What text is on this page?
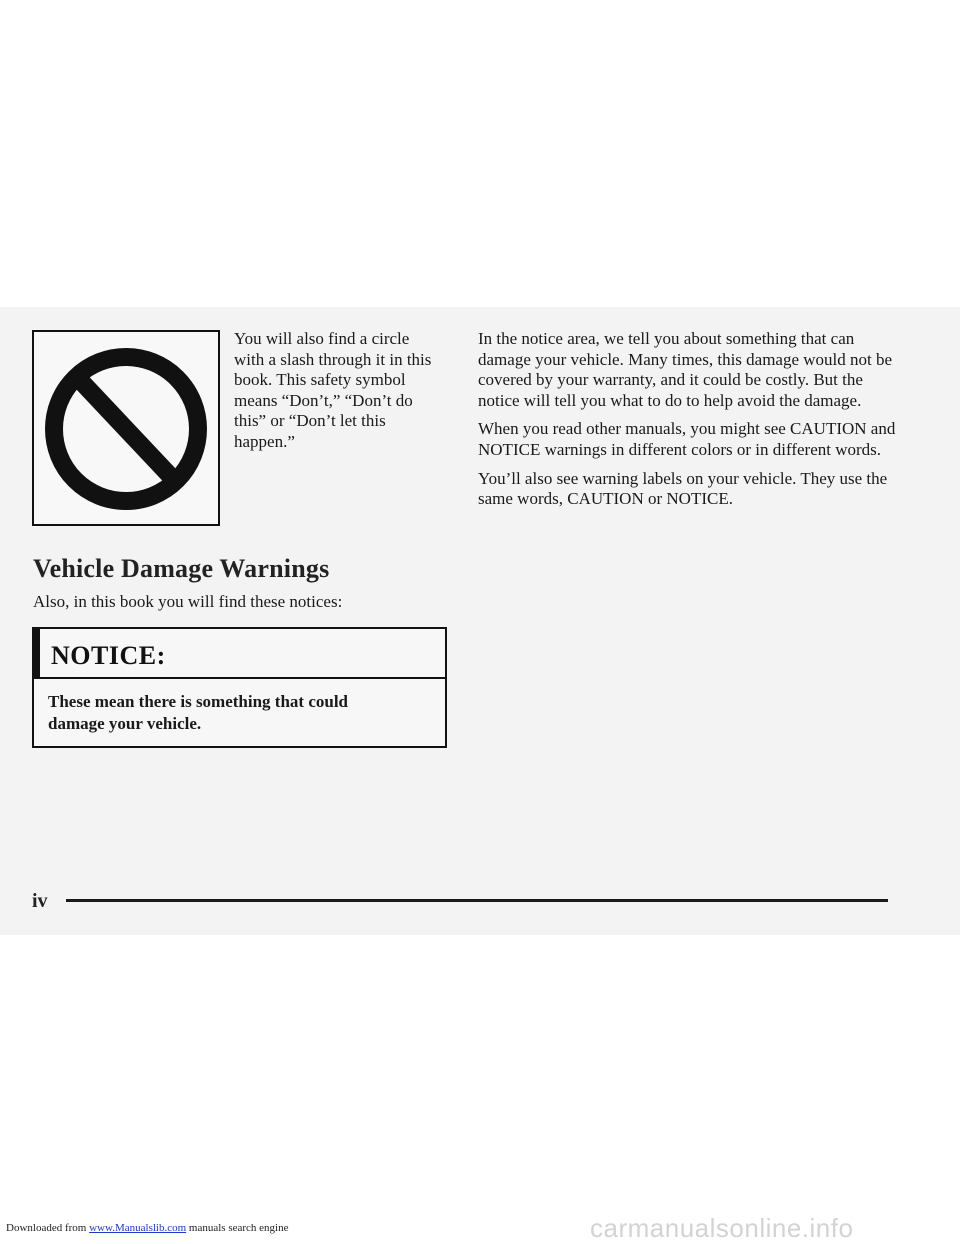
You will also find a circle with a slash through it in this book. This safety symbol means “Don’t,” “Don’t do this” or “Don’t let this happen.”

Vehicle Damage Warnings

Also, in this book you will find these notices:

NOTICE:
These mean there is something that could damage your vehicle.

In the notice area, we tell you about something that can damage your vehicle. Many times, this damage would not be covered by your warranty, and it could be costly. But the notice will tell you what to do to help avoid the damage.

When you read other manuals, you might see CAUTION and NOTICE warnings in different colors or in different words.

You’ll also see warning labels on your vehicle. They use the same words, CAUTION or NOTICE.

iv
Downloaded from www.Manualslib.com manuals search engine	carmanualsonline.info
